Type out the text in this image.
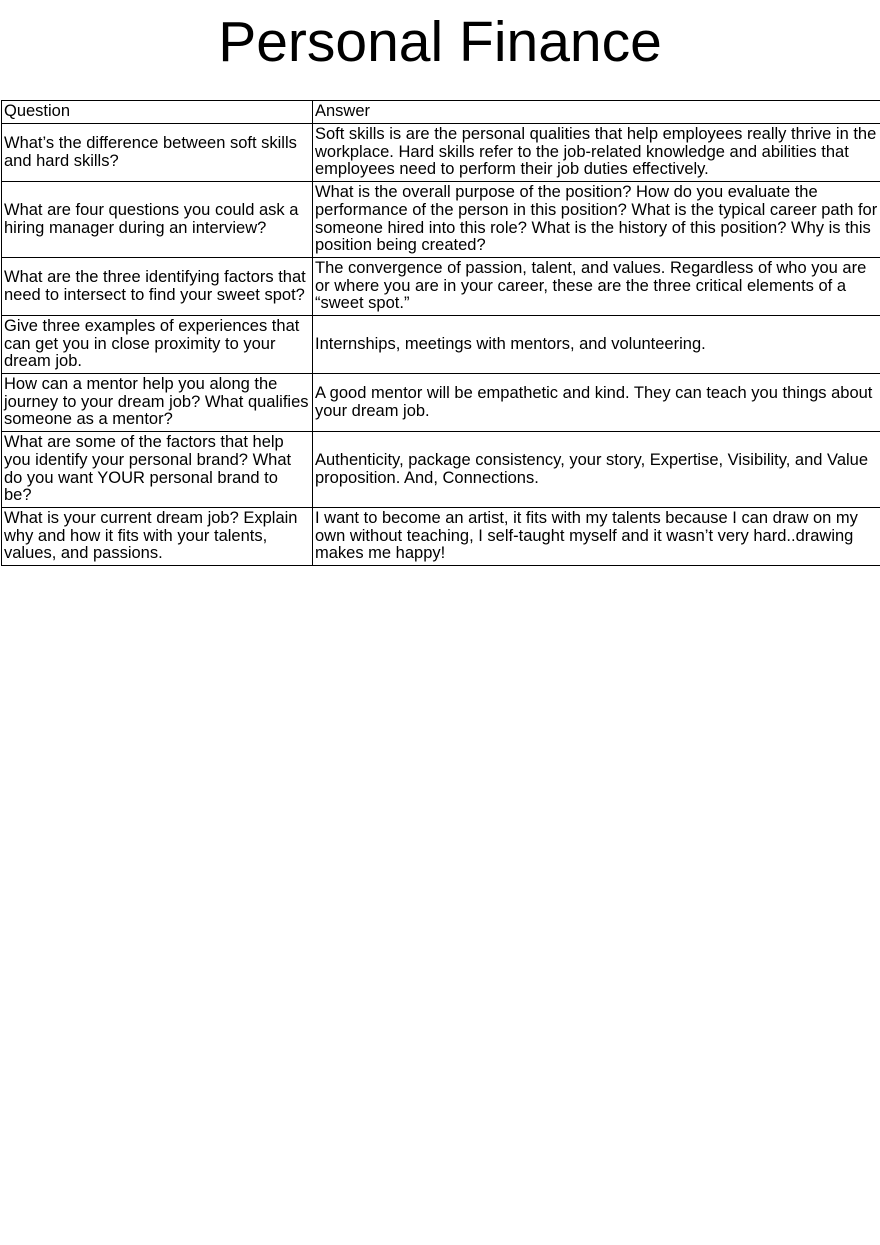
Personal Finance
Question	Answer
What’s the difference between soft skills and hard skills?	Soft skills is are the personal qualities that help employees really thrive in the workplace. Hard skills refer to the job-related knowledge and abilities that employees need to perform their job duties effectively.
What are four questions you could ask a hiring manager during an interview?	What is the overall purpose of the position? How do you evaluate the performance of the person in this position? What is the typical career path for someone hired into this role? What is the history of this position? Why is this position being created?
What are the three identifying factors that need to intersect to find your sweet spot?	The convergence of passion, talent, and values. Regardless of who you are or where you are in your career, these are the three critical elements of a “sweet spot.”
Give three examples of experiences that can get you in close proximity to your dream job.	Internships, meetings with mentors, and volunteering.
How can a mentor help you along the journey to your dream job? What qualifies someone as a mentor?	A good mentor will be empathetic and kind. They can teach you things about your dream job.
What are some of the factors that help you identify your personal brand? What do you want YOUR personal brand to be?	Authenticity, package consistency, your story, Expertise, Visibility, and Value proposition. And, Connections.
What is your current dream job? Explain why and how it fits with your talents, values, and passions.	I want to become an artist, it fits with my talents because I can draw on my own without teaching, I self-taught myself and it wasn’t very hard..drawing makes me happy!
